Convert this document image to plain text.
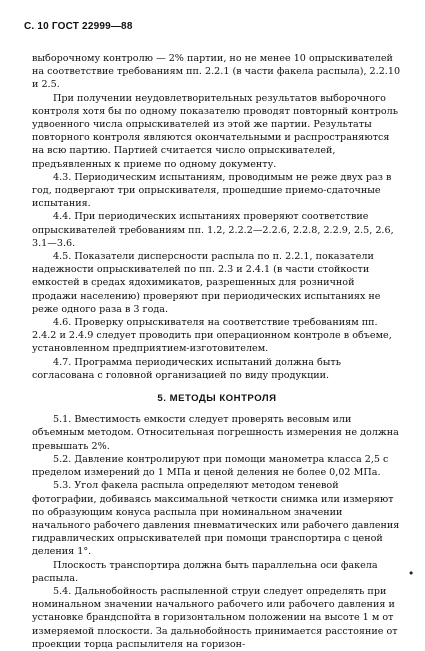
С. 10 ГОСТ 22999—88

выборочному контролю — 2% партии, но не менее 10 опрыскивателей на соответствие требованиям пп. 2.2.1 (в части факела распыла), 2.2.10 и 2.5.

При получении неудовлетворительных результатов выборочного контроля хотя бы по одному показателю проводят повторный контроль удвоенного числа опрыскивателей из этой же партии. Результаты повторного контроля являются окончательными и распространяются на всю партию. Партией считается число опрыскивателей, предъявленных к приеме по одному документу.

4.3. Периодическим испытаниям, проводимым не реже двух раз в год, подвергают три опрыскивателя, прошедшие приемо-сдаточные испытания.

4.4. При периодических испытаниях проверяют соответствие опрыскивателей требованиям пп. 1.2, 2.2.2—2.2.6, 2.2.8, 2.2.9, 2.5, 2.6, 3.1—3.6.

4.5. Показатели дисперсности распыла по п. 2.2.1, показатели надежности опрыскивателей по пп. 2.3 и 2.4.1 (в части стойкости емкостей в средах ядохимикатов, разрешенных для розничной продажи населению) проверяют при периодических испытаниях не реже одного раза в 3 года.

4.6. Проверку опрыскивателя на соответствие требованиям пп. 2.4.2 и 2.4.9 следует проводить при операционном контроле в объеме, установленном предприятием-изготовителем.

4.7. Программа периодических испытаний должна быть согласована с головной организацией по виду продукции.

5. МЕТОДЫ КОНТРОЛЯ

5.1. Вместимость емкости следует проверять весовым или объемным методом. Относительная погрешность измерения не должна превышать 2%.

5.2. Давление контролируют при помощи манометра класса 2,5 с пределом измерений до 1 МПа и ценой деления не более 0,02 МПа.

5.3. Угол факела распыла определяют методом теневой фотографии, добиваясь максимальной четкости снимка или измеряют по образующим конуса распыла при номинальном значении начального рабочего давления пневматических или рабочего давления гидравлических опрыскивателей при помощи транспортира с ценой деления 1°.

Плоскость транспортира должна быть параллельна оси факела распыла.

5.4. Дальнобойность распыленной струи следует определять при номинальном значении начального рабочего или рабочего давления и установке брандспойта в горизонтальном положении на высоте 1 м от измеряемой плоскости. За дальнобойность принимается расстояние от проекции торца распылителя на горизон-

•
